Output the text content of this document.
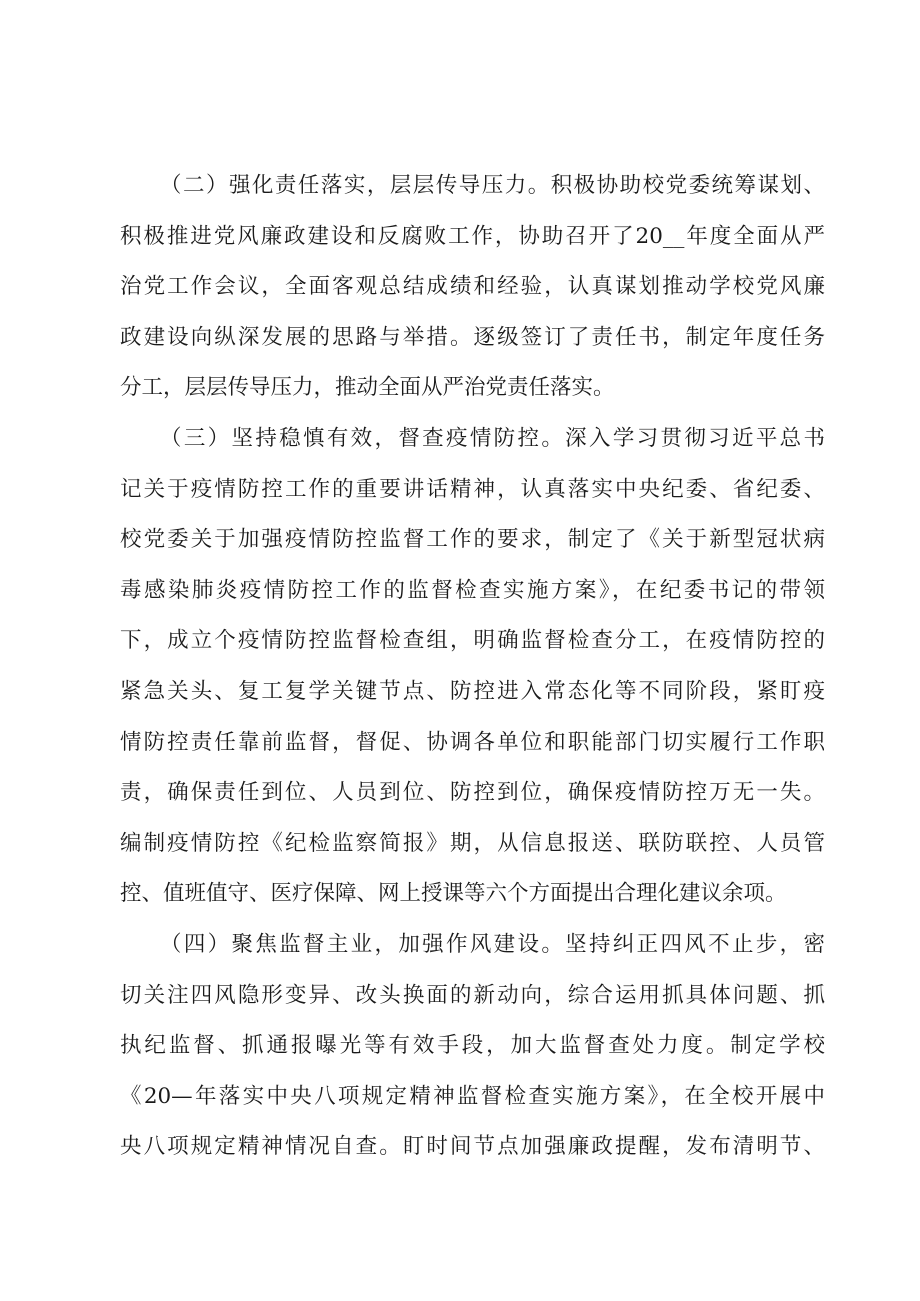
（二）强化责任落实，层层传导压力。积极协助校党委统筹谋划、
积极推进党风廉政建设和反腐败工作，协助召开了20__年度全面从严
治党工作会议，全面客观总结成绩和经验，认真谋划推动学校党风廉
政建设向纵深发展的思路与举措。逐级签订了责任书，制定年度任务
分工，层层传导压力，推动全面从严治党责任落实。
（三）坚持稳慎有效，督查疫情防控。深入学习贯彻习近平总书
记关于疫情防控工作的重要讲话精神，认真落实中央纪委、省纪委、
校党委关于加强疫情防控监督工作的要求，制定了《关于新型冠状病
毒感染肺炎疫情防控工作的监督检查实施方案》，在纪委书记的带领
下，成立个疫情防控监督检查组，明确监督检查分工，在疫情防控的
紧急关头、复工复学关键节点、防控进入常态化等不同阶段，紧盯疫
情防控责任靠前监督，督促、协调各单位和职能部门切实履行工作职
责，确保责任到位、人员到位、防控到位，确保疫情防控万无一失。
编制疫情防控《纪检监察简报》期，从信息报送、联防联控、人员管
控、值班值守、医疗保障、网上授课等六个方面提出合理化建议余项。
（四）聚焦监督主业，加强作风建设。坚持纠正四风不止步，密
切关注四风隐形变异、改头换面的新动向，综合运用抓具体问题、抓
执纪监督、抓通报曝光等有效手段，加大监督查处力度。制定学校
《20—年落实中央八项规定精神监督检查实施方案》，在全校开展中
央八项规定精神情况自查。盯时间节点加强廉政提醒，发布清明节、
